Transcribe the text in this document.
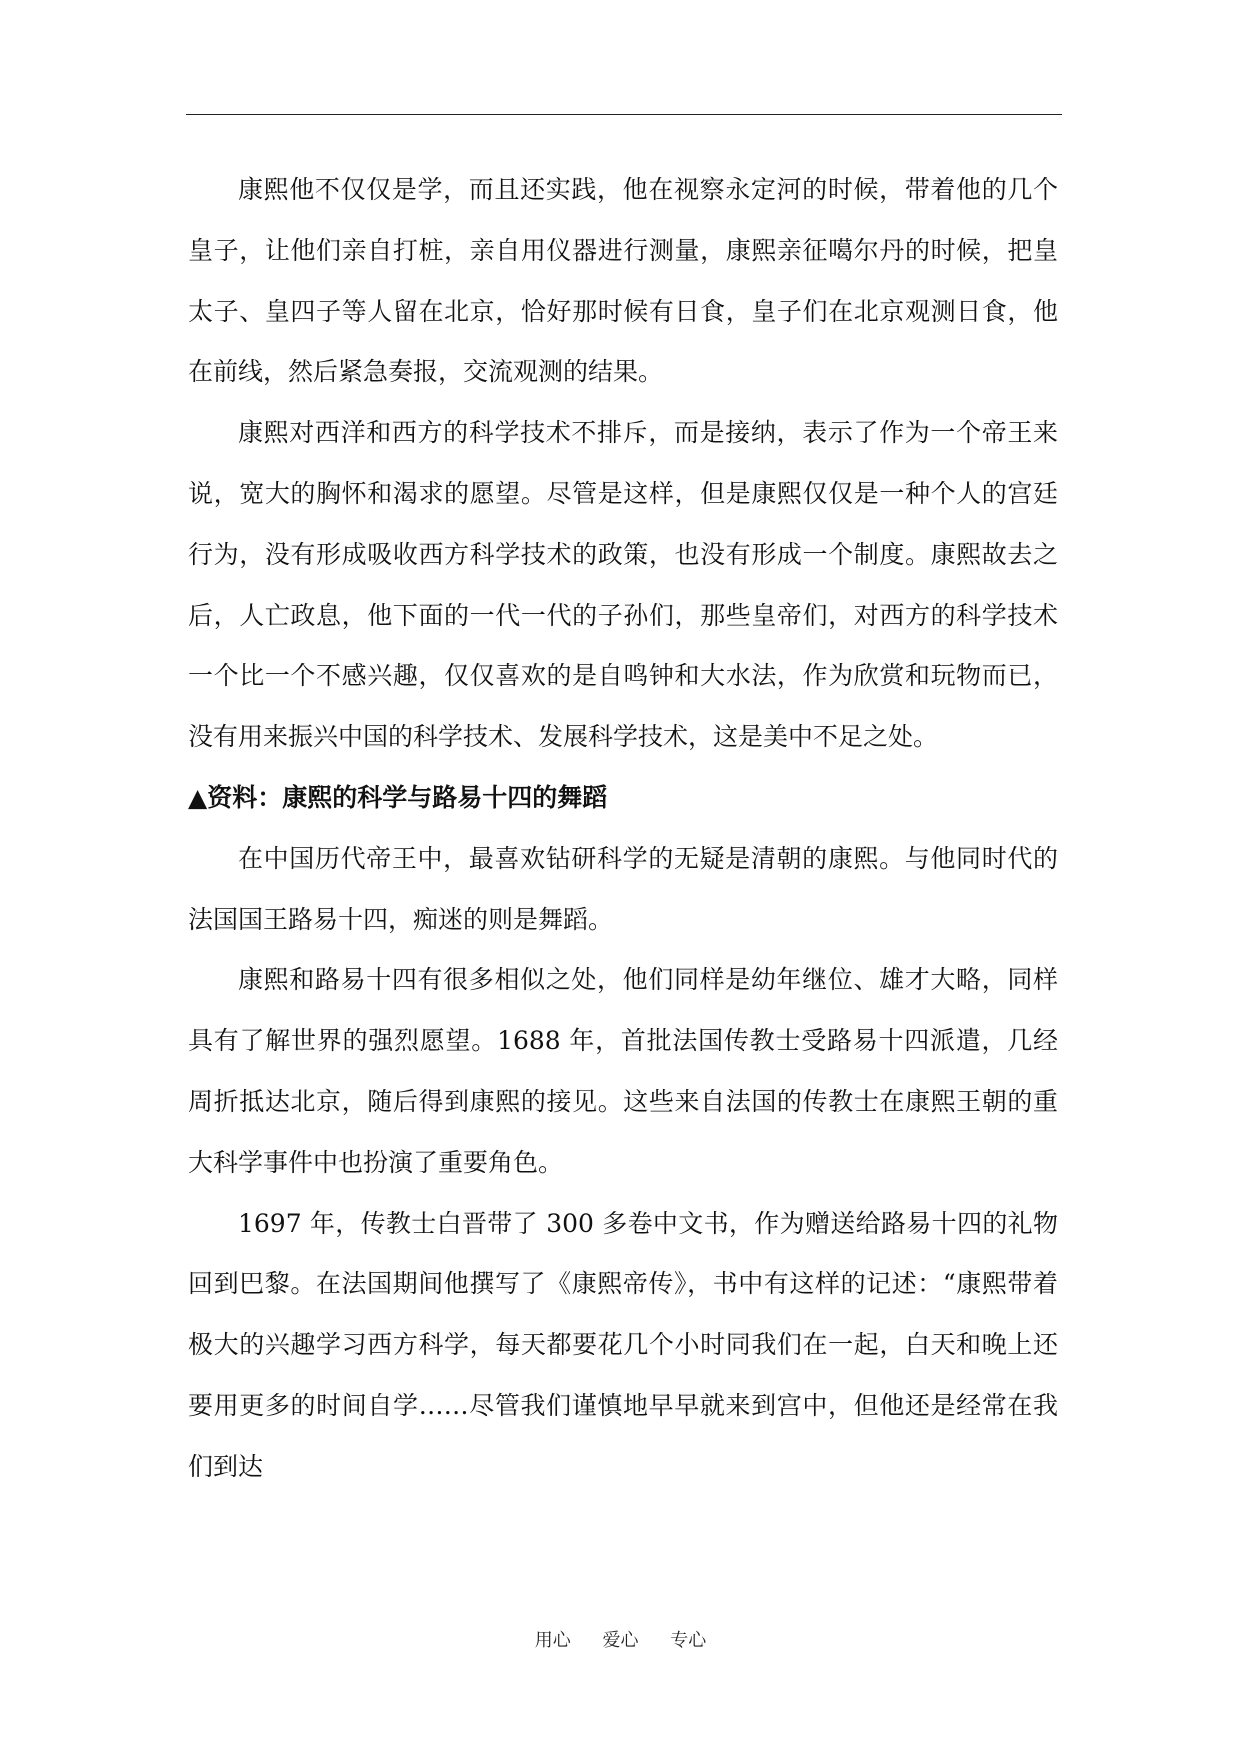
康熙他不仅仅是学，而且还实践，他在视察永定河的时候，带着他的几个皇子，让他们亲自打桩，亲自用仪器进行测量，康熙亲征噶尔丹的时候，把皇太子、皇四子等人留在北京，恰好那时候有日食，皇子们在北京观测日食，他在前线，然后紧急奏报，交流观测的结果。

康熙对西洋和西方的科学技术不排斥，而是接纳，表示了作为一个帝王来说，宽大的胸怀和渴求的愿望。尽管是这样，但是康熙仅仅是一种个人的宫廷行为，没有形成吸收西方科学技术的政策，也没有形成一个制度。康熙故去之后，人亡政息，他下面的一代一代的子孙们，那些皇帝们，对西方的科学技术一个比一个不感兴趣，仅仅喜欢的是自鸣钟和大水法，作为欣赏和玩物而已，没有用来振兴中国的科学技术、发展科学技术，这是美中不足之处。

▲资料：康熙的科学与路易十四的舞蹈

在中国历代帝王中，最喜欢钻研科学的无疑是清朝的康熙。与他同时代的法国国王路易十四，痴迷的则是舞蹈。

康熙和路易十四有很多相似之处，他们同样是幼年继位、雄才大略，同样具有了解世界的强烈愿望。1688 年，首批法国传教士受路易十四派遣，几经周折抵达北京，随后得到康熙的接见。这些来自法国的传教士在康熙王朝的重大科学事件中也扮演了重要角色。

1697 年，传教士白晋带了 300 多卷中文书，作为赠送给路易十四的礼物回到巴黎。在法国期间他撰写了《康熙帝传》，书中有这样的记述：“康熙带着极大的兴趣学习西方科学，每天都要花几个小时同我们在一起，白天和晚上还要用更多的时间自学……尽管我们谨慎地早早就来到宫中，但他还是经常在我们到达

用心 爱心 专心
